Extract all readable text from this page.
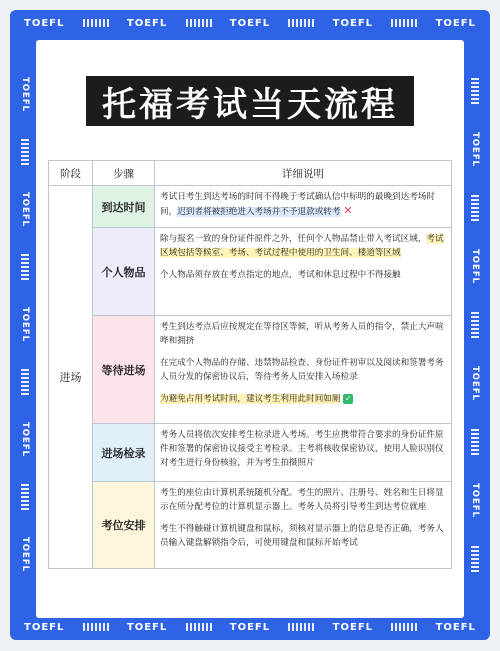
TOEFL	TOEFL	TOEFL	TOEFL	TOEFL
TOEFL
TOEFL
TOEFL
TOEFL
TOEFL
TOEFL
TOEFL
TOEFL
TOEFL
TOEFL	TOEFL	TOEFL	TOEFL	TOEFL
托福考试当天流程
阶段	步骤	详细说明
进场	到达时间	考试日考生到达考场的时间不得晚于考试确认信中标明的最晚到达考场时间，迟到者将被拒绝进入考场并不予退款或转考 ✕
	个人物品	除与报名一致的身份证件原件之外，任何个人物品禁止带入考试区域，考试区域包括等候室、考场、考试过程中使用的卫生间、楼道等区域
个人物品须存放在考点指定的地点，考试和休息过程中不得接触

	等待进场	考生到达考点后应按规定在等待区等候，听从考务人员的指令，禁止大声喧哗和拥挤
在完成个人物品的存储、违禁物品检查、身份证件初审以及阅读和签署考务人员分发的保密协议后，等待考务人员安排入场检录
为避免占用考试时间，建议考生利用此时间如厕 ✓

	进场检录	考务人员将依次安排考生检录进入考场。考生应携带符合要求的身份证件原件和签署的保密协议接受主考检录。主考将核收保密协议，使用人脸识别仪对考生进行身份核验，并为考生拍摄照片
	考位安排	考生的座位由计算机系统随机分配。考生的照片、注册号、姓名和生日将显示在所分配考位的计算机显示器上。考务人员将引导考生到达考位就座
考生不得触碰计算机键盘和鼠标，须核对显示器上的信息是否正确，考务人员输入键盘解锁指令后，可使用键盘和鼠标开始考试
